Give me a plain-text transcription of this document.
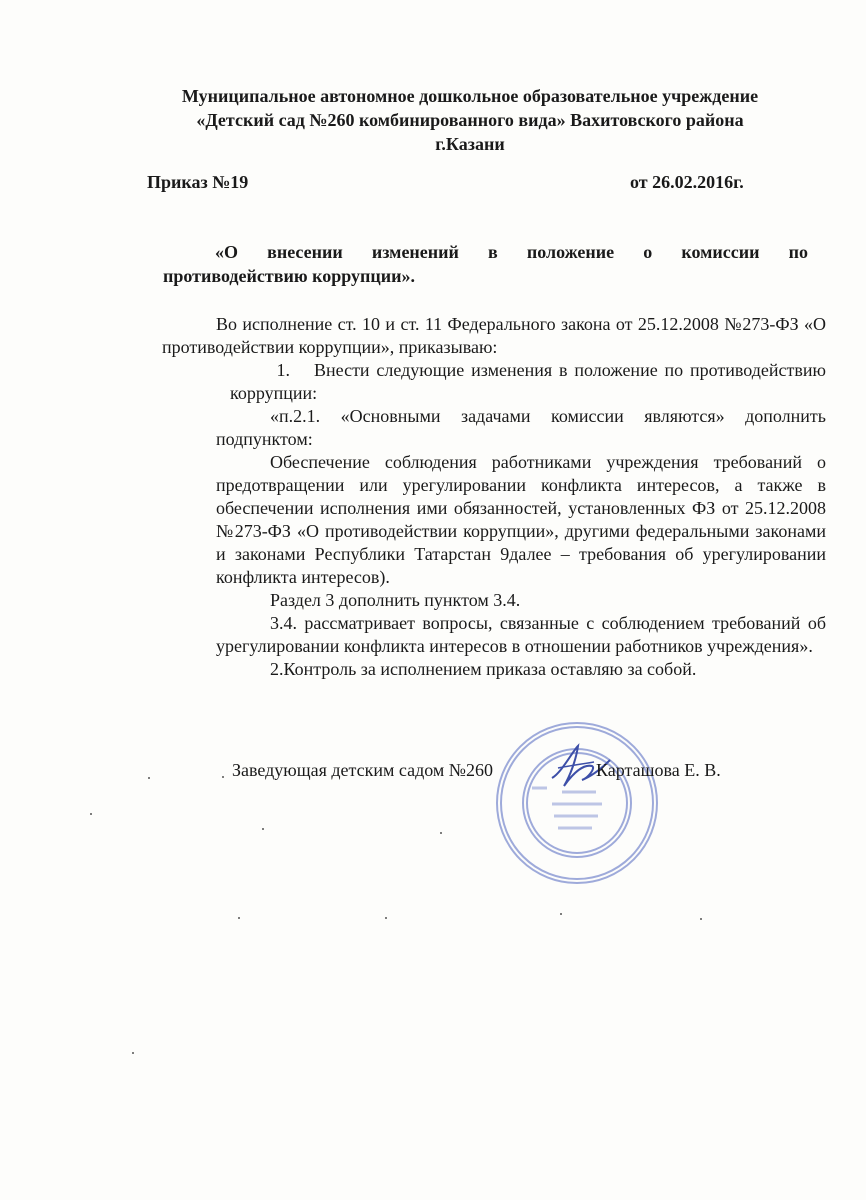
Муниципальное автономное дошкольное образовательное учреждение
«Детский сад №260 комбинированного вида» Вахитовского района
г.Казани
Приказ №19	от 26.02.2016г.
«О внесении изменений в положение о комиссии по
противодействию коррупции».

Во исполнение ст. 10 и ст. 11 Федерального закона от 25.12.2008 №273-ФЗ «О противодействии коррупции», приказываю:

1. Внести следующие изменения в положение по противодействию коррупции:

«п.2.1. «Основными задачами комиссии являются» дополнить подпунктом:

Обеспечение соблюдения работниками учреждения требований о предотвращении или урегулировании конфликта интересов, а также в обеспечении исполнения ими обязанностей, установленных ФЗ от 25.12.2008 №273-ФЗ «О противодействии коррупции», другими федеральными законами и законами Республики Татарстан 9далее – требования об урегулировании конфликта интересов).

Раздел 3 дополнить пунктом 3.4.

3.4. рассматривает вопросы, связанные с соблюдением требований об урегулировании конфликта интересов в отношении работников учреждения».

2.Контроль за исполнением приказа оставляю за собой.

Заведующая детским садом №260	Карташова Е. В.
